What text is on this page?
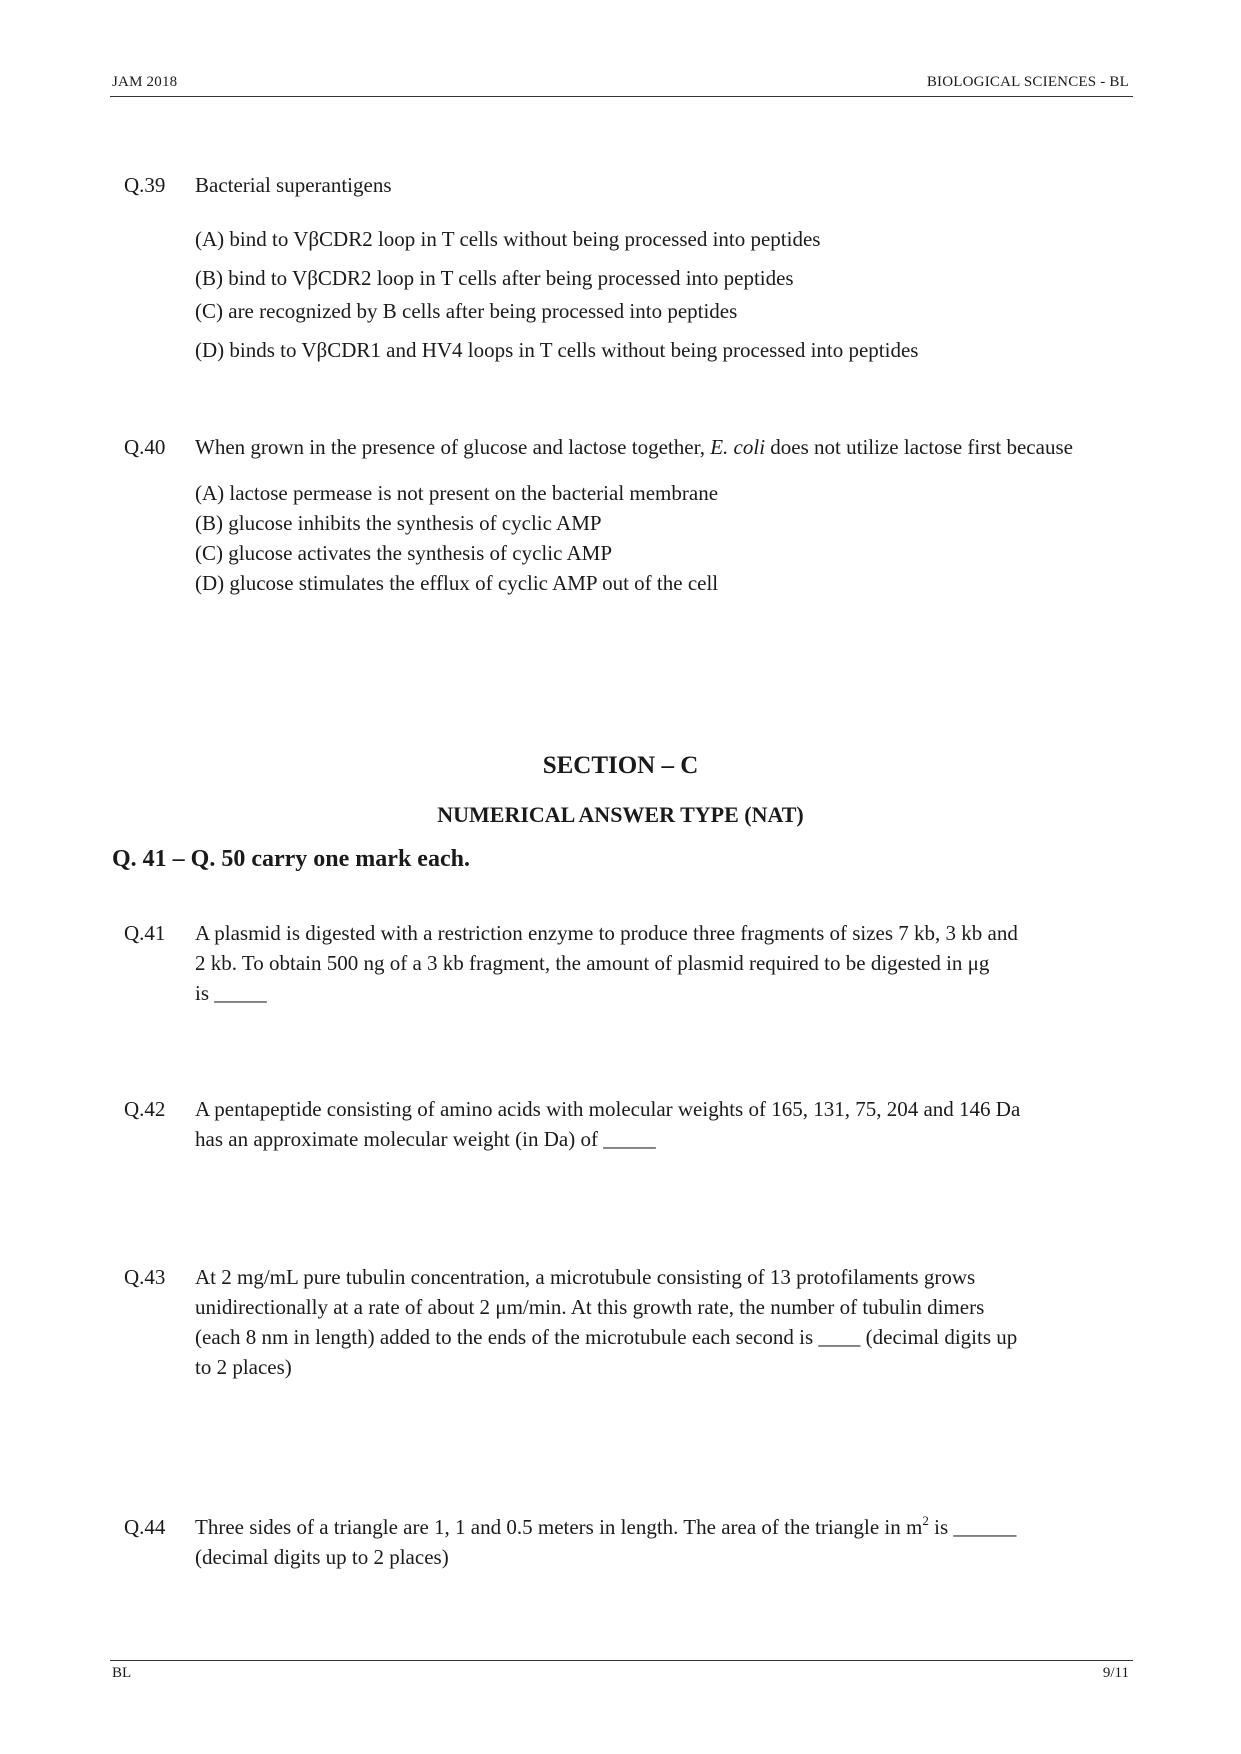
JAM 2018	BIOLOGICAL SCIENCES - BL
Q.39 Bacterial superantigens
(A) bind to VβCDR2 loop in T cells without being processed into peptides
(B) bind to VβCDR2 loop in T cells after being processed into peptides
(C) are recognized by B cells after being processed into peptides
(D) binds to VβCDR1 and HV4 loops in T cells without being processed into peptides
Q.40 When grown in the presence of glucose and lactose together, E. coli does not utilize lactose first because
(A) lactose permease is not present on the bacterial membrane
(B) glucose inhibits the synthesis of cyclic AMP
(C) glucose activates the synthesis of cyclic AMP
(D) glucose stimulates the efflux of cyclic AMP out of the cell
SECTION – C
NUMERICAL ANSWER TYPE (NAT)
Q. 41 – Q. 50 carry one mark each.
Q.41 A plasmid is digested with a restriction enzyme to produce three fragments of sizes 7 kb, 3 kb and
2 kb. To obtain 500 ng of a 3 kb fragment, the amount of plasmid required to be digested in μg
is _____
Q.42 A pentapeptide consisting of amino acids with molecular weights of 165, 131, 75, 204 and 146 Da
has an approximate molecular weight (in Da) of _____
Q.43 At 2 mg/mL pure tubulin concentration, a microtubule consisting of 13 protofilaments grows
unidirectionally at a rate of about 2 μm/min. At this growth rate, the number of tubulin dimers
(each 8 nm in length) added to the ends of the microtubule each second is ____ (decimal digits up
to 2 places)
Q.44 Three sides of a triangle are 1, 1 and 0.5 meters in length. The area of the triangle in $m^2$ is ______
(decimal digits up to 2 places)
BL	9/11
